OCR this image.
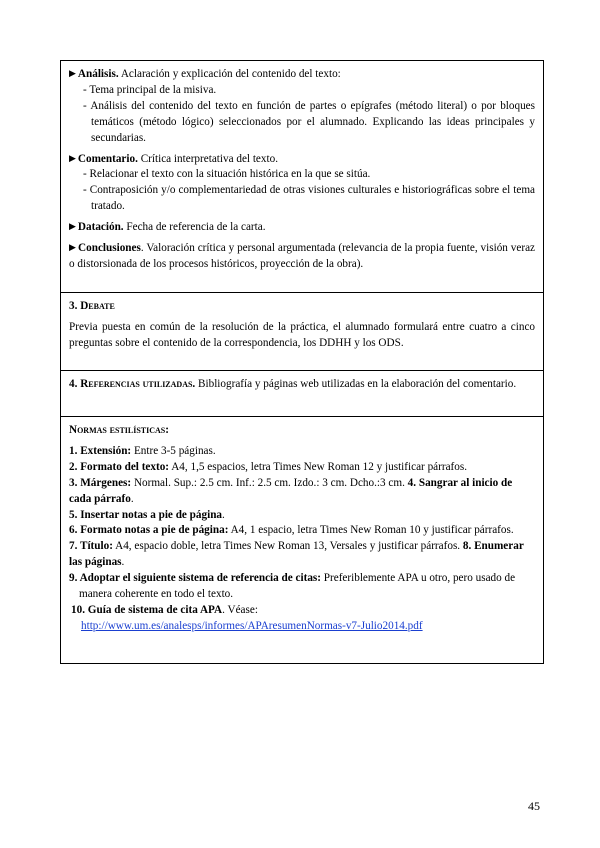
▶ Análisis. Aclaración y explicación del contenido del texto:

- Tema principal de la misiva.

- Análisis del contenido del texto en función de partes o epígrafes (método literal) o por bloques temáticos (método lógico) seleccionados por el alumnado. Explicando las ideas principales y secundarias.

▶ Comentario. Crítica interpretativa del texto.

- Relacionar el texto con la situación histórica en la que se sitúa.

- Contraposición y/o complementariedad de otras visiones culturales e historiográficas sobre el tema tratado.

▶ Datación. Fecha de referencia de la carta.

▶ Conclusiones. Valoración crítica y personal argumentada (relevancia de la propia fuente, visión veraz o distorsionada de los procesos históricos, proyección de la obra).

3. Debate

Previa puesta en común de la resolución de la práctica, el alumnado formulará entre cuatro a cinco preguntas sobre el contenido de la correspondencia, los DDHH y los ODS.

4. Referencias utilizadas. Bibliografía y páginas web utilizadas en la elaboración del comentario.

Normas estilísticas:

1. Extensión: Entre 3-5 páginas.

2. Formato del texto: A4, 1,5 espacios, letra Times New Roman 12 y justificar párrafos.

3. Márgenes: Normal. Sup.: 2.5 cm. Inf.: 2.5 cm. Izdo.: 3 cm. Dcho.:3 cm. 4. Sangrar al inicio de cada párrafo.

5. Insertar notas a pie de página.

6. Formato notas a pie de página: A4, 1 espacio, letra Times New Roman 10 y justificar párrafos.

7. Título: A4, espacio doble, letra Times New Roman 13, Versales y justificar párrafos. 8. Enumerar las páginas.

9. Adoptar el siguiente sistema de referencia de citas: Preferiblemente APA u otro, pero usado de manera coherente en todo el texto.

10. Guía de sistema de cita APA. Véase:

http://www.um.es/analesps/informes/APAresumenNormas-v7-Julio2014.pdf

45
